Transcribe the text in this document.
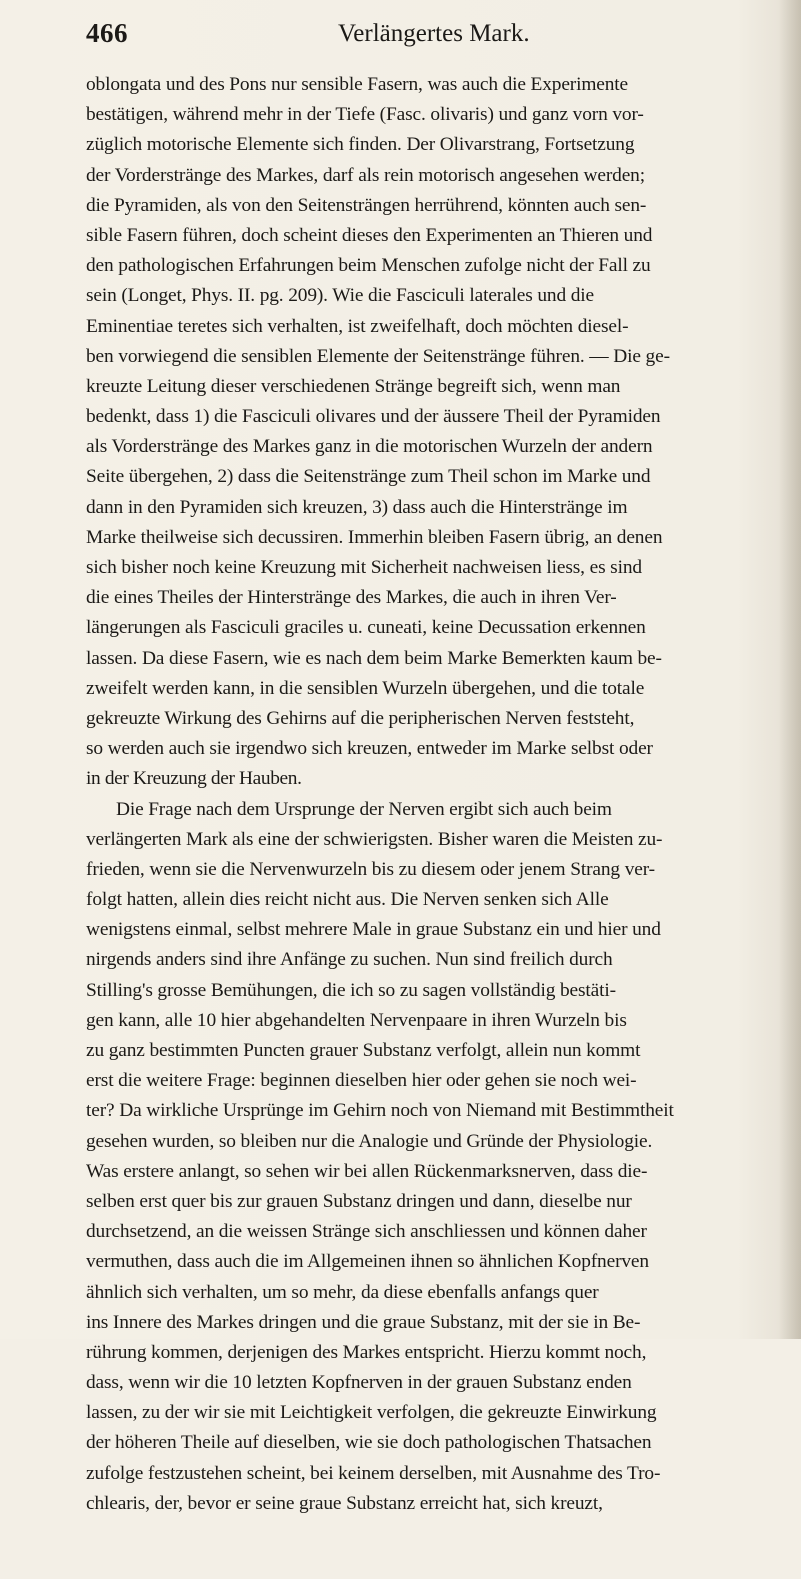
466	Verlängertes Mark.
oblongata und des Pons nur sensible Fasern, was auch die Experimente
bestätigen, während mehr in der Tiefe (Fasc. olivaris) und ganz vorn vor-
züglich motorische Elemente sich finden. Der Olivarstrang, Fortsetzung
der Vorderstränge des Markes, darf als rein motorisch angesehen werden;
die Pyramiden, als von den Seitensträngen herrührend, könnten auch sen-
sible Fasern führen, doch scheint dieses den Experimenten an Thieren und
den pathologischen Erfahrungen beim Menschen zufolge nicht der Fall zu
sein (Longet, Phys. II. pg. 209). Wie die Fasciculi laterales und die
Eminentiae teretes sich verhalten, ist zweifelhaft, doch möchten diesel-
ben vorwiegend die sensiblen Elemente der Seitenstränge führen. — Die ge-
kreuzte Leitung dieser verschiedenen Stränge begreift sich, wenn man
bedenkt, dass 1) die Fasciculi olivares und der äussere Theil der Pyramiden
als Vorderstränge des Markes ganz in die motorischen Wurzeln der andern
Seite übergehen, 2) dass die Seitenstränge zum Theil schon im Marke und
dann in den Pyramiden sich kreuzen, 3) dass auch die Hinterstränge im
Marke theilweise sich decussiren. Immerhin bleiben Fasern übrig, an denen
sich bisher noch keine Kreuzung mit Sicherheit nachweisen liess, es sind
die eines Theiles der Hinterstränge des Markes, die auch in ihren Ver-
längerungen als Fasciculi graciles u. cuneati, keine Decussation erkennen
lassen. Da diese Fasern, wie es nach dem beim Marke Bemerkten kaum be-
zweifelt werden kann, in die sensiblen Wurzeln übergehen, und die totale
gekreuzte Wirkung des Gehirns auf die peripherischen Nerven feststeht,
so werden auch sie irgendwo sich kreuzen, entweder im Marke selbst oder
in der Kreuzung der Hauben.
Die Frage nach dem Ursprunge der Nerven ergibt sich auch beim
verlängerten Mark als eine der schwierigsten. Bisher waren die Meisten zu-
frieden, wenn sie die Nervenwurzeln bis zu diesem oder jenem Strang ver-
folgt hatten, allein dies reicht nicht aus. Die Nerven senken sich Alle
wenigstens einmal, selbst mehrere Male in graue Substanz ein und hier und
nirgends anders sind ihre Anfänge zu suchen. Nun sind freilich durch
Stilling's grosse Bemühungen, die ich so zu sagen vollständig bestäti-
gen kann, alle 10 hier abgehandelten Nervenpaare in ihren Wurzeln bis
zu ganz bestimmten Puncten grauer Substanz verfolgt, allein nun kommt
erst die weitere Frage: beginnen dieselben hier oder gehen sie noch wei-
ter? Da wirkliche Ursprünge im Gehirn noch von Niemand mit Bestimmtheit
gesehen wurden, so bleiben nur die Analogie und Gründe der Physiologie.
Was erstere anlangt, so sehen wir bei allen Rückenmarksnerven, dass die-
selben erst quer bis zur grauen Substanz dringen und dann, dieselbe nur
durchsetzend, an die weissen Stränge sich anschliessen und können daher
vermuthen, dass auch die im Allgemeinen ihnen so ähnlichen Kopfnerven
ähnlich sich verhalten, um so mehr, da diese ebenfalls anfangs quer
ins Innere des Markes dringen und die graue Substanz, mit der sie in Be-
rührung kommen, derjenigen des Markes entspricht. Hierzu kommt noch,
dass, wenn wir die 10 letzten Kopfnerven in der grauen Substanz enden
lassen, zu der wir sie mit Leichtigkeit verfolgen, die gekreuzte Einwirkung
der höheren Theile auf dieselben, wie sie doch pathologischen Thatsachen
zufolge festzustehen scheint, bei keinem derselben, mit Ausnahme des Tro-
chlearis, der, bevor er seine graue Substanz erreicht hat, sich kreuzt,
